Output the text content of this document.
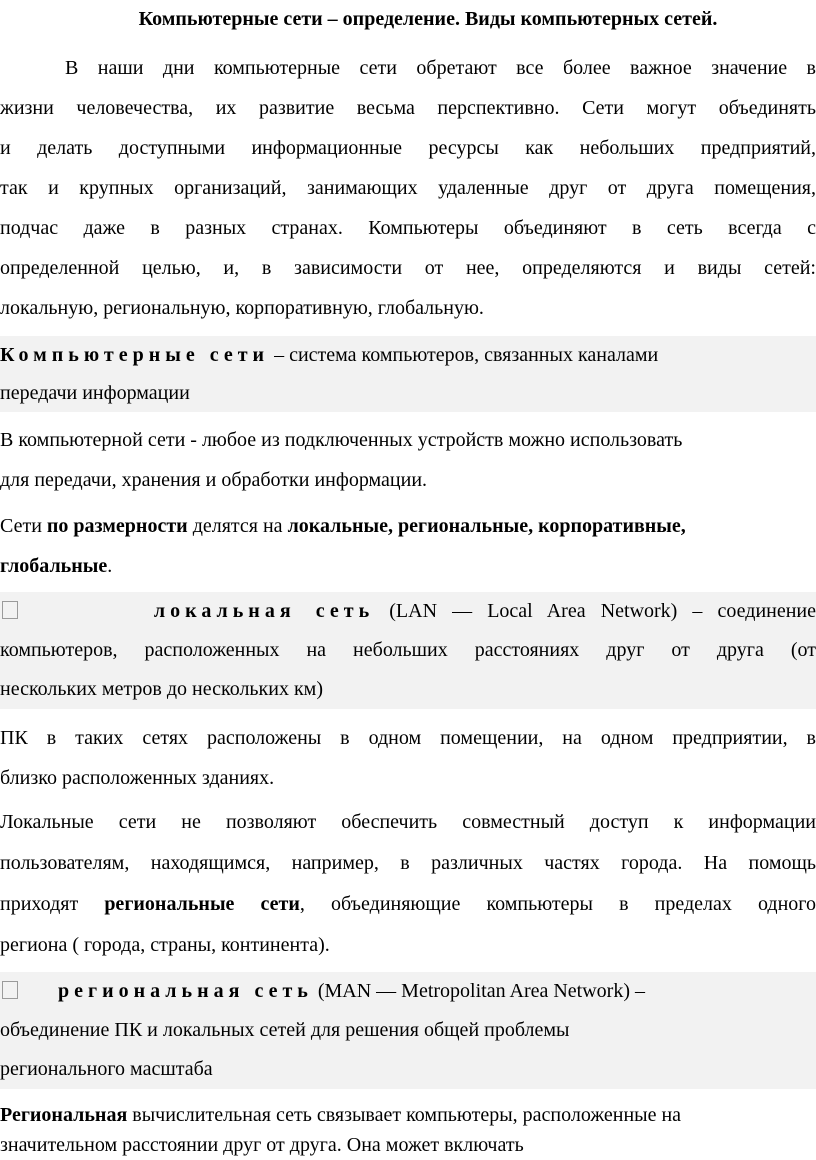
Компьютерные сети – определение. Виды компьютерных сетей.
В наши дни компьютерные сети обретают все более важное значение в
жизни человечества, их развитие весьма перспективно. Сети могут объединять
и делать доступными информационные ресурсы как небольших предприятий,
так и крупных организаций, занимающих удаленные друг от друга помещения,
подчас даже в разных странах. Компьютеры объединяют в сеть всегда с
определенной целью, и, в зависимости от нее, определяются и виды сетей:
локальную, региональную, корпоративную, глобальную.
Компьютерные сети – система компьютеров, связанных каналами
передачи информации
В компьютерной сети - любое из подключенных устройств можно использовать
для передачи, хранения и обработки информации.
Сети по размерности делятся на локальные, региональные, корпоративные,
глобальные.
локальная сеть (LAN — Local Area Network) – соединение
компьютеров, расположенных на небольших расстояниях друг от друга (от
нескольких метров до нескольких км)
ПК в таких сетях расположены в одном помещении, на одном предприятии, в
близко расположенных зданиях.
Локальные сети не позволяют обеспечить совместный доступ к информации
пользователям, находящимся, например, в различных частях города. На помощь
приходят региональные сети, объединяющие компьютеры в пределах одного
региона ( города, страны, континента).
региональная сеть (MAN — Metropolitan Area Network) –
объединение ПК и локальных сетей для решения общей проблемы
регионального масштаба
Региональная вычислительная сеть связывает компьютеры, расположенные на
значительном расстоянии друг от друга. Она может включать
